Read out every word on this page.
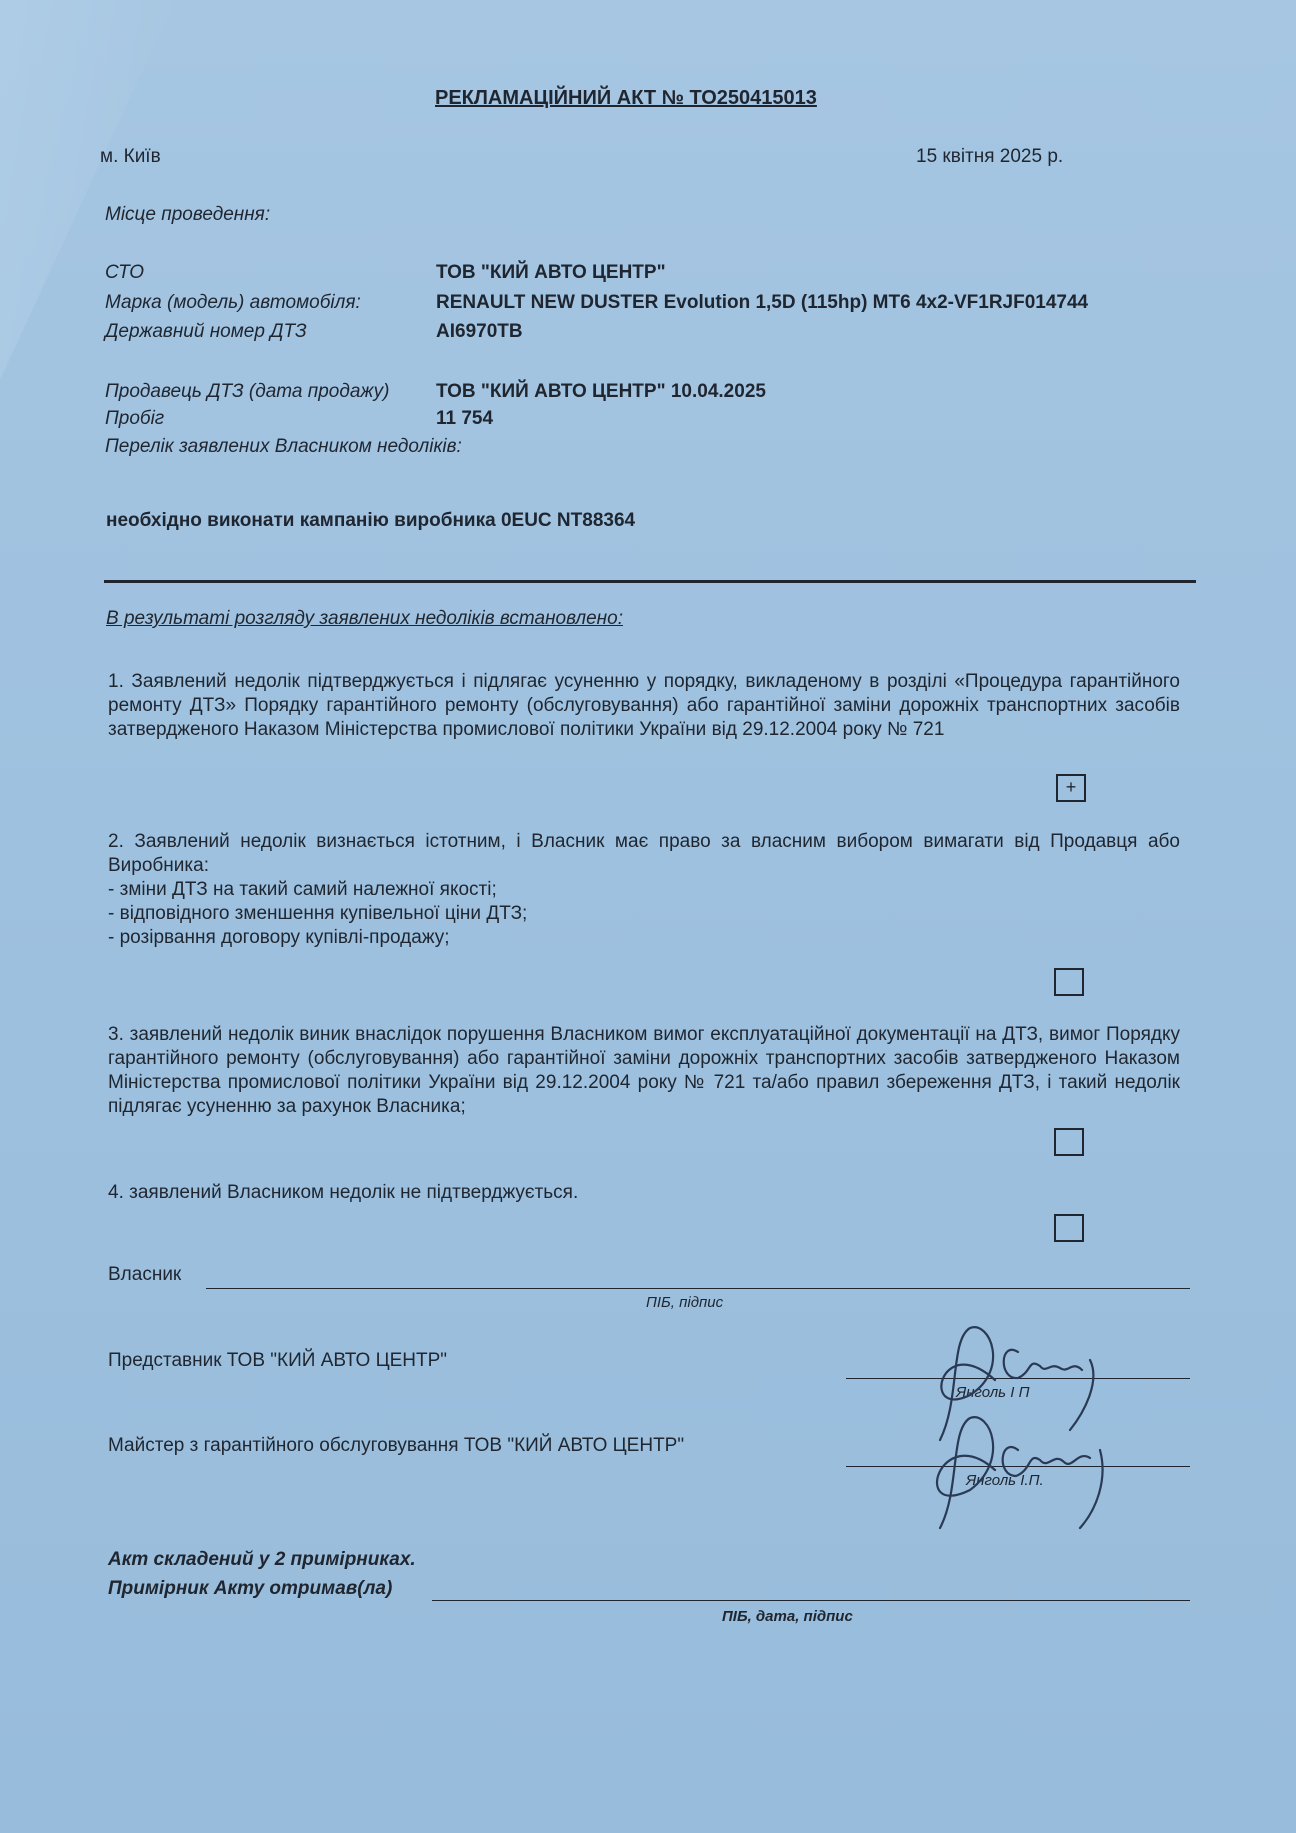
РЕКЛАМАЦІЙНИЙ АКТ № ТО250415013
м. Київ	15 квітня 2025 р.
Місце проведення:
СТО	ТОВ "КИЙ АВТО ЦЕНТР"
Марка (модель) автомобіля:	RENAULT NEW DUSTER Evolution 1,5D (115hp) MT6 4x2-VF1RJF014744
Державний номер ДТЗ	АІ6970ТВ
Продавець ДТЗ (дата продажу) ТОВ "КИЙ АВТО ЦЕНТР" 10.04.2025
Пробіг	11 754
Перелік заявлених Власником недоліків:
необхідно виконати кампанію виробника 0EUC NT88364
В результаті розгляду заявлених недоліків встановлено:

1. Заявлений недолік підтверджується і підлягає усуненню у порядку, викладеному в розділі «Процедура гарантійного ремонту ДТЗ» Порядку гарантійного ремонту (обслуговування) або гарантійної заміни дорожніх транспортних засобів затвердженого Наказом Міністерства промислової політики України від 29.12.2004 року № 721

+

2. Заявлений недолік визнається істотним, і Власник має право за власним вибором вимагати від Продавця або Виробника:

- зміни ДТЗ на такий самий належної якості;

- відповідного зменшення купівельної ціни ДТЗ;

- розірвання договору купівлі-продажу;

3. заявлений недолік виник внаслідок порушення Власником вимог експлуатаційної документації на ДТЗ, вимог Порядку гарантійного ремонту (обслуговування) або гарантійної заміни дорожніх транспортних засобів затвердженого Наказом Міністерства промислової політики України від 29.12.2004 року № 721 та/або правил збереження ДТЗ, і такий недолік підлягає усуненню за рахунок Власника;

4. заявлений Власником недолік не підтверджується.

Власник
ПІБ, підпис
Представник ТОВ "КИЙ АВТО ЦЕНТР"
Янголь І П
Майстер з гарантійного обслуговування ТОВ "КИЙ АВТО ЦЕНТР"
Янголь І.П.
Акт складений у 2 примірниках.
Примірник Акту отримав(ла)
ПІБ, дата, підпис
